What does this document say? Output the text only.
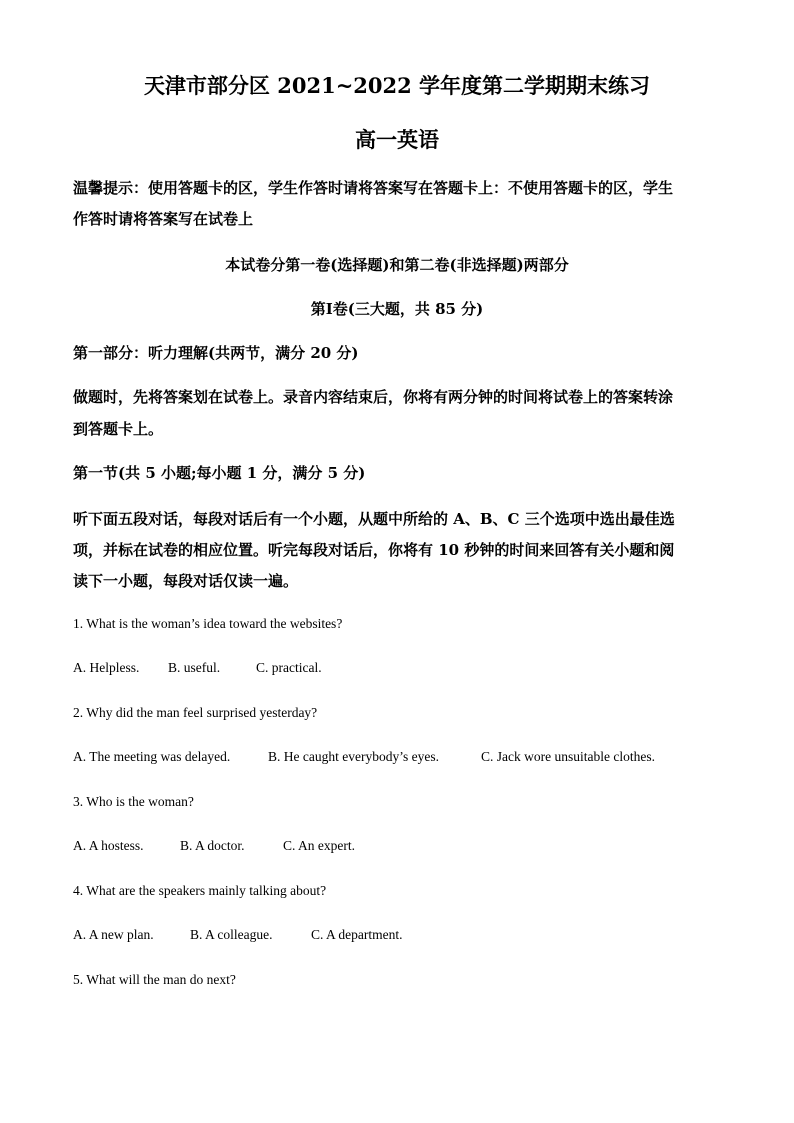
天津市部分区 2021~2022 学年度第二学期期末练习
高一英语
温馨提示：使用答题卡的区，学生作答时请将答案写在答题卡上：不使用答题卡的区，学生
作答时请将答案写在试卷上
本试卷分第一卷(选择题)和第二卷(非选择题)两部分
第Ⅰ卷(三大题，共 85 分)
第一部分：听力理解(共两节，满分 20 分)
做题时，先将答案划在试卷上。录音内容结束后，你将有两分钟的时间将试卷上的答案转涂
到答题卡上。
第一节(共 5 小题;每小题 1 分，满分 5 分)
听下面五段对话，每段对话后有一个小题，从题中所给的 A、B、C 三个选项中选出最佳选
项，并标在试卷的相应位置。听完每段对话后，你将有 10 秒钟的时间来回答有关小题和阅
读下一小题，每段对话仅读一遍。
1. What is the woman’s idea toward the websites?
A. Helpless. B. useful.	C. practical.
2. Why did the man feel surprised yesterday?
A. The meeting was delayed.	B. He caught everybody’s eyes.	C. Jack wore unsuitable clothes.
3. Who is the woman?
A. A hostess.	B. A doctor.	C. An expert.
4. What are the speakers mainly talking about?
A. A new plan.	B. A colleague.	C. A department.
5. What will the man do next?
